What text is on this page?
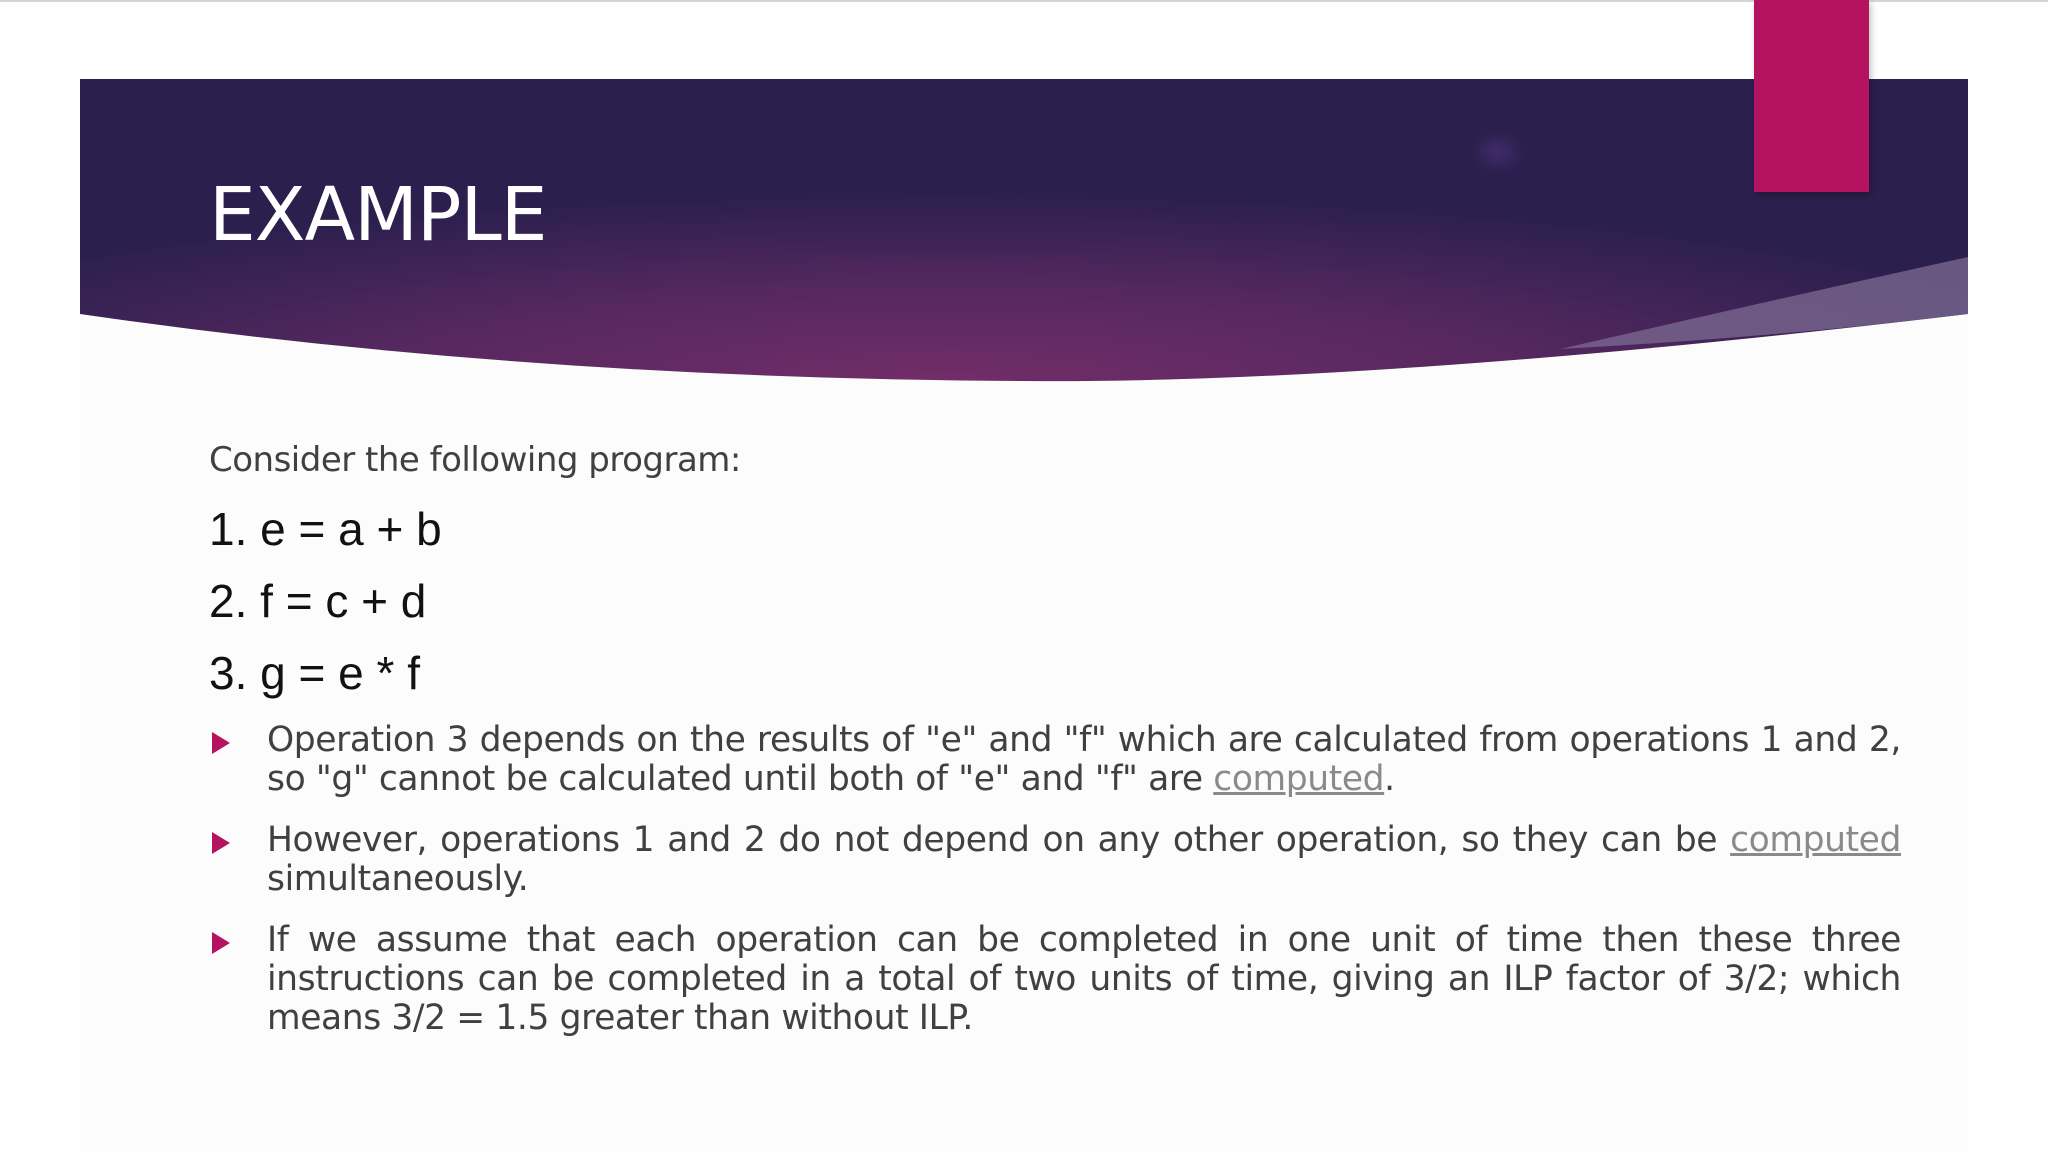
EXAMPLE

Consider the following program:

1. e = a + b
2. f = c + d
3. g = e * f
Operation 3 depends on the results of "e" and "f" which are calculated from operations 1 and 2, so "g" cannot be calculated until both of "e" and "f" are computed.
However, operations 1 and 2 do not depend on any other operation, so they can be computed simultaneously.
If we assume that each operation can be completed in one unit of time then these three instructions can be completed in a total of two units of time, giving an ILP factor of 3/2; which means 3/2 = 1.5 greater than without ILP.
